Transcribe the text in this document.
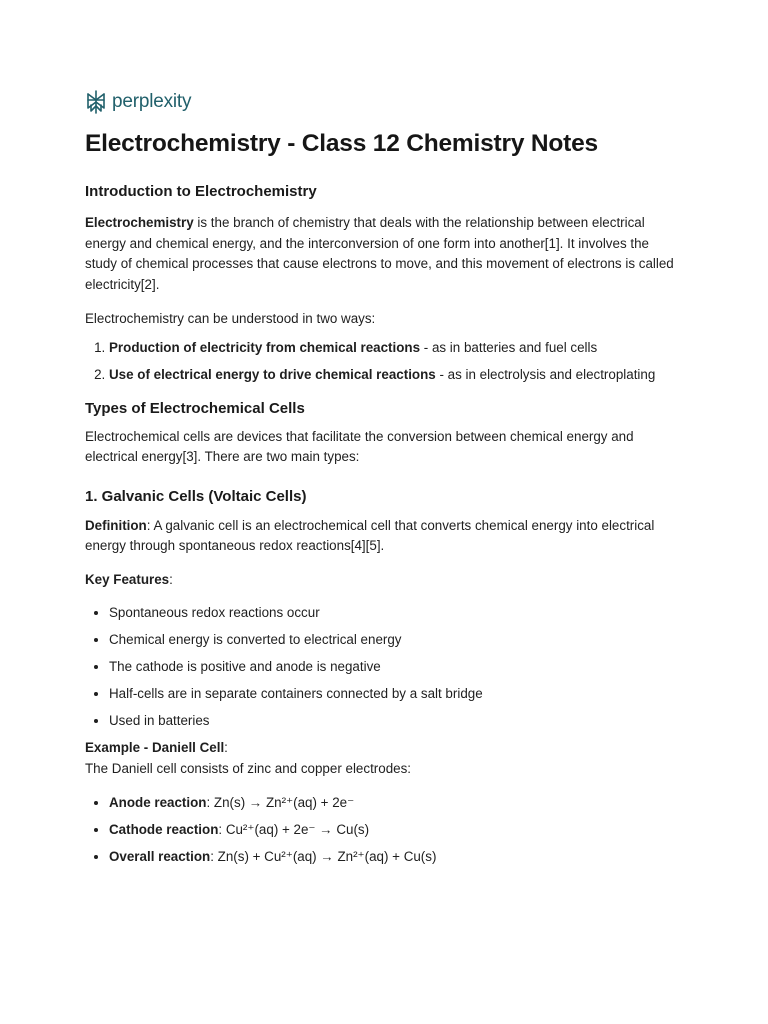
perplexity
Electrochemistry - Class 12 Chemistry Notes
Introduction to Electrochemistry

Electrochemistry is the branch of chemistry that deals with the relationship between electrical energy and chemical energy, and the interconversion of one form into another[1]. It involves the study of chemical processes that cause electrons to move, and this movement of electrons is called electricity[2].

Electrochemistry can be understood in two ways:

1. Production of electricity from chemical reactions - as in batteries and fuel cells
2. Use of electrical energy to drive chemical reactions - as in electrolysis and electroplating
Types of Electrochemical Cells

Electrochemical cells are devices that facilitate the conversion between chemical energy and electrical energy[3]. There are two main types:

1. Galvanic Cells (Voltaic Cells)

Definition: A galvanic cell is an electrochemical cell that converts chemical energy into electrical energy through spontaneous redox reactions[4][5].

Key Features:

• Spontaneous redox reactions occur
• Chemical energy is converted to electrical energy
• The cathode is positive and anode is negative
• Half-cells are in separate containers connected by a salt bridge
• Used in batteries

Example - Daniell Cell:
The Daniell cell consists of zinc and copper electrodes:

• Anode reaction: Zn(s) → Zn²⁺(aq) + 2e⁻
• Cathode reaction: Cu²⁺(aq) + 2e⁻ → Cu(s)
• Overall reaction: Zn(s) + Cu²⁺(aq) → Zn²⁺(aq) + Cu(s)
